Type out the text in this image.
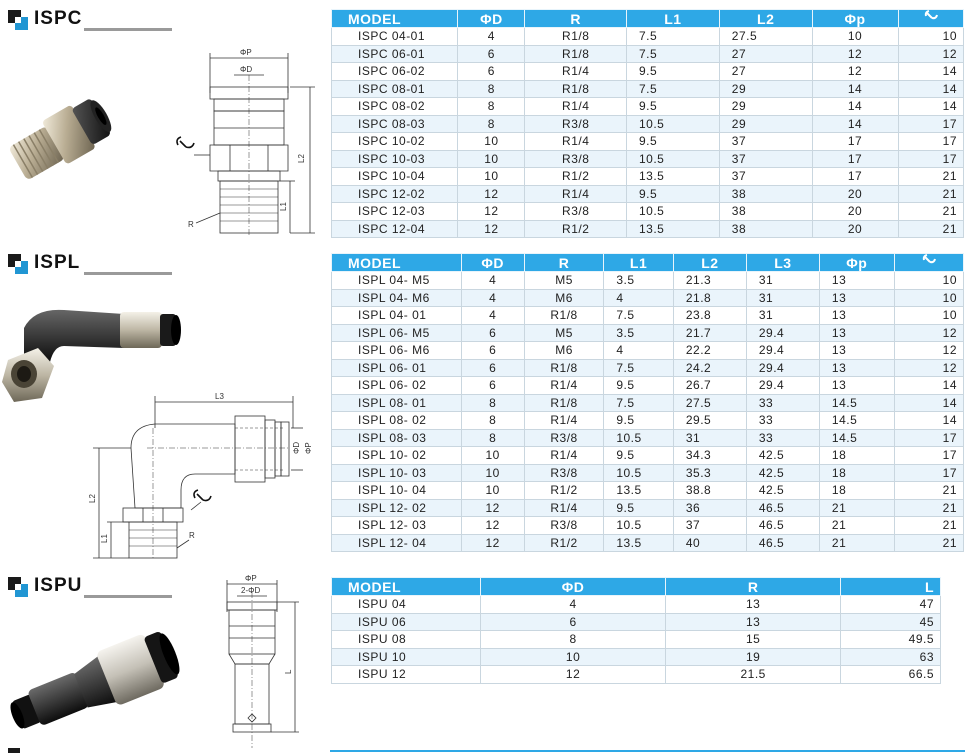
ISPC
ΦP
ΦD
L2
L1
R
MODEL	ΦD	R	L1	L2	Φp	
ISPC 04-01	4	R1/8	7.5	27.5	10	10
ISPC 06-01	6	R1/8	7.5	27	12	12
ISPC 06-02	6	R1/4	9.5	27	12	14
ISPC 08-01	8	R1/8	7.5	29	14	14
ISPC 08-02	8	R1/4	9.5	29	14	14
ISPC 08-03	8	R3/8	10.5	29	14	17
ISPC 10-02	10	R1/4	9.5	37	17	17
ISPC 10-03	10	R3/8	10.5	37	17	17
ISPC 10-04	10	R1/2	13.5	37	17	21
ISPC 12-02	12	R1/4	9.5	38	20	21
ISPC 12-03	12	R3/8	10.5	38	20	21
ISPC 12-04	12	R1/2	13.5	38	20	21
ISPL
L3
L2
L1	R
ΦD ΦP
MODEL	ΦD	R	L1	L2	L3	Φp	
ISPL 04- M5	4	M5	3.5	21.3	31	13	10
ISPL 04- M6	4	M6	4	21.8	31	13	10
ISPL 04- 01	4	R1/8	7.5	23.8	31	13	10
ISPL 06- M5	6	M5	3.5	21.7	29.4	13	12
ISPL 06- M6	6	M6	4	22.2	29.4	13	12
ISPL 06- 01	6	R1/8	7.5	24.2	29.4	13	12
ISPL 06- 02	6	R1/4	9.5	26.7	29.4	13	14
ISPL 08- 01	8	R1/8	7.5	27.5	33	14.5	14
ISPL 08- 02	8	R1/4	9.5	29.5	33	14.5	14
ISPL 08- 03	8	R3/8	10.5	31	33	14.5	17
ISPL 10- 02	10	R1/4	9.5	34.3	42.5	18	17
ISPL 10- 03	10	R3/8	10.5	35.3	42.5	18	17
ISPL 10- 04	10	R1/2	13.5	38.8	42.5	18	21
ISPL 12- 02	12	R1/4	9.5	36	46.5	21	21
ISPL 12- 03	12	R3/8	10.5	37	46.5	21	21
ISPL 12- 04	12	R1/2	13.5	40	46.5	21	21
ISPU	ΦP
2-ΦD
L
MODEL	ΦD	R	L
ISPU 04	4	13	47
ISPU 06	6	13	45
ISPU 08	8	15	49.5
ISPU 10	10	19	63
ISPU 12	12	21.5	66.5
